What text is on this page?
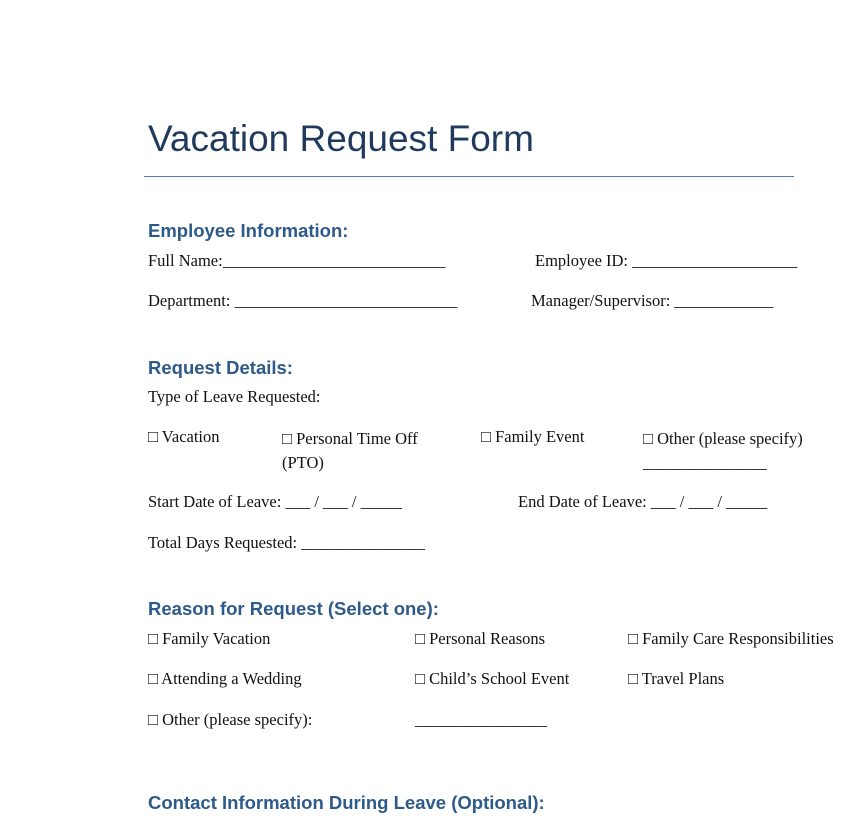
Vacation Request Form
Employee Information:
Full Name:___________________________	Employee ID: ____________________
Department: ___________________________	Manager/Supervisor: ____________
Request Details:
Type of Leave Requested:
□ Vacation	□ Personal Time Off (PTO)
□ Family Event	□ Other (please specify) _______________
Start Date of Leave: ___ / ___ / _____	End Date of Leave: ___ / ___ / _____
Total Days Requested: _______________
Reason for Request (Select one):
□ Family Vacation	□ Personal Reasons	□ Family Care Responsibilities
□ Attending a Wedding	□ Child’s School Event	□ Travel Plans
□ Other (please specify):	________________
Contact Information During Leave (Optional):
